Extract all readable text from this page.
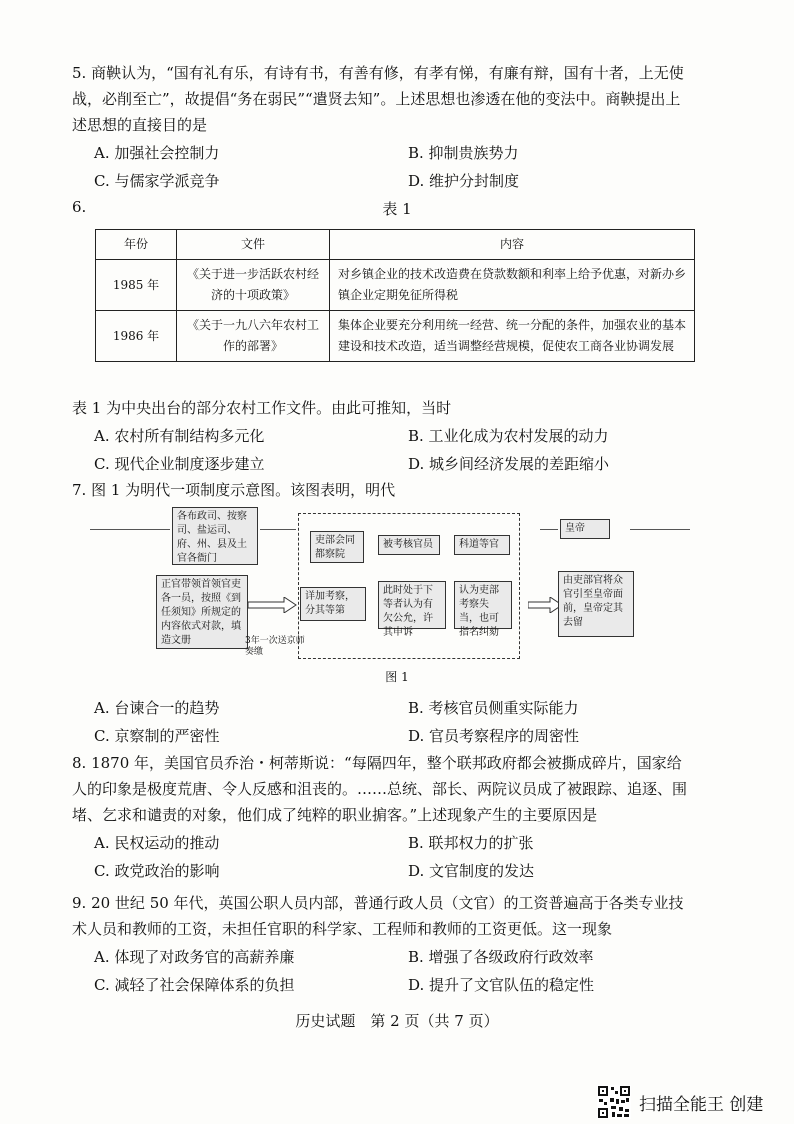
5. 商鞅认为，“国有礼有乐，有诗有书，有善有修，有孝有悌，有廉有辩，国有十者，上无使战，必削至亡”，故提倡“务在弱民”“遣贤去知”。上述思想也渗透在他的变法中。商鞅提出上述思想的直接目的是

A. 加强社会控制力	B. 抑制贵族势力
C. 与儒家学派竞争	D. 维护分封制度
6.	表 1
年份	文件	内容
1985 年	《关于进一步活跃农村经济的十项政策》	对乡镇企业的技术改造费在贷款数额和利率上给予优惠，对新办乡镇企业定期免征所得税
1986 年	《关于一九八六年农村工作的部署》	集体企业要充分利用统一经营、统一分配的条件，加强农业的基本建设和技术改造，适当调整经营规模，促使农工商各业协调发展

表 1 为中央出台的部分农村工作文件。由此可推知，当时

A. 农村所有制结构多元化	B. 工业化成为农村发展的动力
C. 现代企业制度逐步建立	D. 城乡间经济发展的差距缩小

7. 图 1 为明代一项制度示意图。该图表明，明代

各布政司、按察司、盐运司、府、州、县及土官各衙门
正官带领首领官吏各一员，按照《到任须知》所规定的内容依式对款，填造文册	3年一次送京师奏缴
吏部会同都察院
详加考察，分其等第
被考核官员
此时处于下等者认为有欠公允，许其申诉
科道等官
认为吏部考察失当，也可指名纠劾
皇帝
由吏部官将众官引至皇帝面前，皇帝定其去留
图 1
A. 台谏合一的趋势	B. 考核官员侧重实际能力
C. 京察制的严密性	D. 官员考察程序的周密性

8. 1870 年，美国官员乔治・柯蒂斯说：“每隔四年，整个联邦政府都会被撕成碎片，国家给人的印象是极度荒唐、令人反感和沮丧的。……总统、部长、两院议员成了被跟踪、追逐、围堵、乞求和谴责的对象，他们成了纯粹的职业掮客。”上述现象产生的主要原因是

A. 民权运动的推动	B. 联邦权力的扩张
C. 政党政治的影响	D. 文官制度的发达

9. 20 世纪 50 年代，英国公职人员内部，普通行政人员（文官）的工资普遍高于各类专业技术人员和教师的工资，未担任官职的科学家、工程师和教师的工资更低。这一现象

A. 体现了对政务官的高薪养廉	B. 增强了各级政府行政效率
C. 减轻了社会保障体系的负担	D. 提升了文官队伍的稳定性
历史试题　第 2 页（共 7 页）
扫描全能王 创建
